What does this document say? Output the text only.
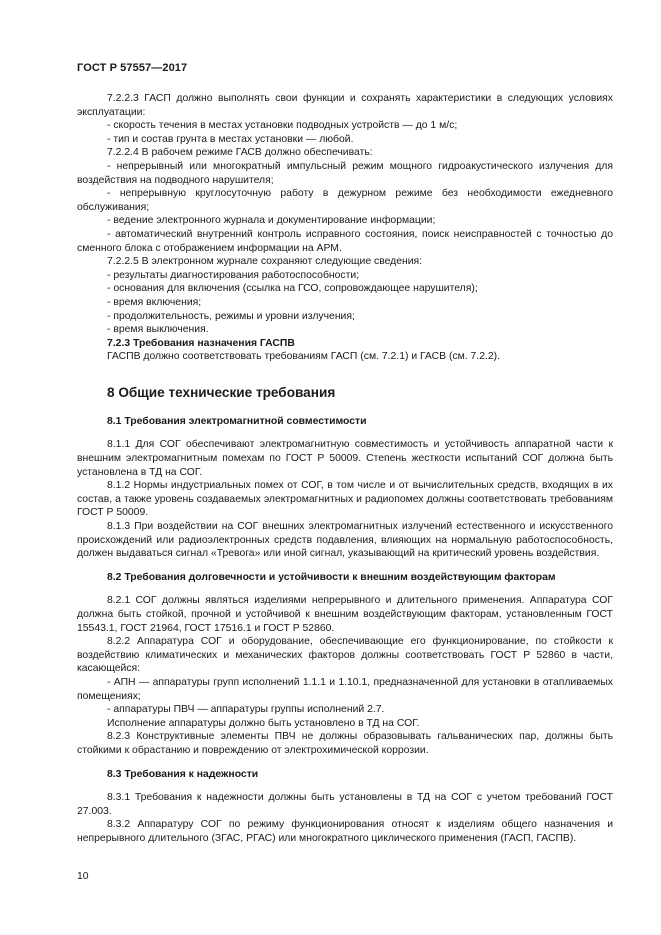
ГОСТ Р 57557—2017

7.2.2.3 ГАСП должно выполнять свои функции и сохранять характеристики в следующих условиях эксплуатации:

- скорость течения в местах установки подводных устройств — до 1 м/с;

- тип и состав грунта в местах установки — любой.

7.2.2.4 В рабочем режиме ГАСВ должно обеспечивать:

- непрерывный или многократный импульсный режим мощного гидроакустического излучения для воздействия на подводного нарушителя;

- непрерывную круглосуточную работу в дежурном режиме без необходимости ежедневного обслуживания;

- ведение электронного журнала и документирование информации;

- автоматический внутренний контроль исправного состояния, поиск неисправностей с точностью до сменного блока с отображением информации на АРМ.

7.2.2.5 В электронном журнале сохраняют следующие сведения:

- результаты диагностирования работоспособности;

- основания для включения (ссылка на ГСО, сопровождающее нарушителя);

- время включения;

- продолжительность, режимы и уровни излучения;

- время выключения.

7.2.3 Требования назначения ГАСПВ

ГАСПВ должно соответствовать требованиям ГАСП (см. 7.2.1) и ГАСВ (см. 7.2.2).

8 Общие технические требования
8.1 Требования электромагнитной совместимости

8.1.1 Для СОГ обеспечивают электромагнитную совместимость и устойчивость аппаратной части к внешним электромагнитным помехам по ГОСТ Р 50009. Степень жесткости испытаний СОГ должна быть установлена в ТД на СОГ.

8.1.2 Нормы индустриальных помех от СОГ, в том числе и от вычислительных средств, входящих в их состав, а также уровень создаваемых электромагнитных и радиопомех должны соответствовать требованиям ГОСТ Р 50009.

8.1.3 При воздействии на СОГ внешних электромагнитных излучений естественного и искусственного происхождений или радиоэлектронных средств подавления, влияющих на нормальную работоспособность, должен выдаваться сигнал «Тревога» или иной сигнал, указывающий на критический уровень воздействия.

8.2 Требования долговечности и устойчивости к внешним воздействующим факторам

8.2.1 СОГ должны являться изделиями непрерывного и длительного применения. Аппаратура СОГ должна быть стойкой, прочной и устойчивой к внешним воздействующим факторам, установленным ГОСТ 15543.1, ГОСТ 21964, ГОСТ 17516.1 и ГОСТ Р 52860.

8.2.2 Аппаратура СОГ и оборудование, обеспечивающие его функционирование, по стойкости к воздействию климатических и механических факторов должны соответствовать ГОСТ Р 52860 в части, касающейся:

- АПН — аппаратуры групп исполнений 1.1.1 и 1.10.1, предназначенной для установки в отапливаемых помещениях;

- аппаратуры ПВЧ — аппаратуры группы исполнений 2.7.

Исполнение аппаратуры должно быть установлено в ТД на СОГ.

8.2.3 Конструктивные элементы ПВЧ не должны образовывать гальванических пар, должны быть стойкими к обрастанию и повреждению от электрохимической коррозии.

8.3 Требования к надежности

8.3.1 Требования к надежности должны быть установлены в ТД на СОГ с учетом требований ГОСТ 27.003.

8.3.2 Аппаратуру СОГ по режиму функционирования относят к изделиям общего назначения и непрерывного длительного (ЗГАС, РГАС) или многократного циклического применения (ГАСП, ГАСПВ).

10
